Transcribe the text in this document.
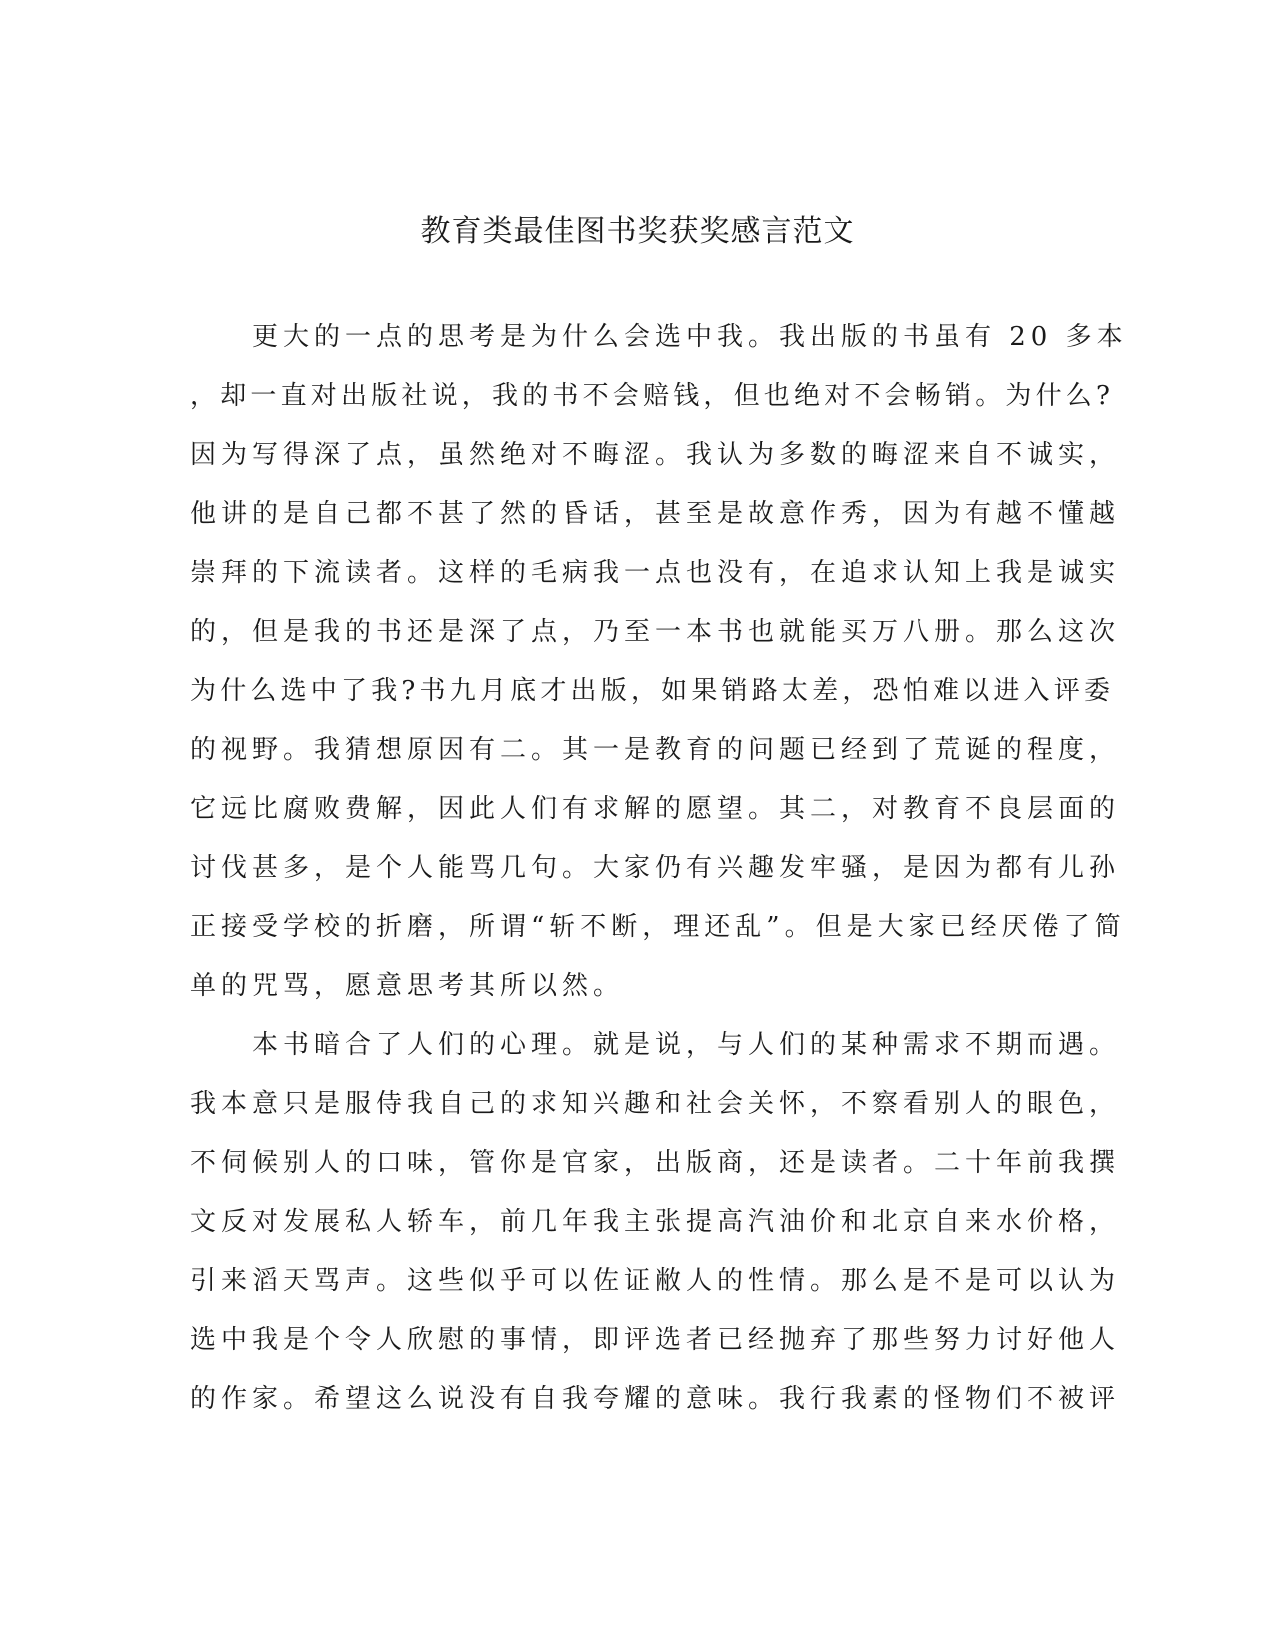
教育类最佳图书奖获奖感言范文
更大的一点的思考是为什么会选中我。我出版的书虽有 20 多本
，却一直对出版社说，我的书不会赔钱，但也绝对不会畅销。为什么?
因为写得深了点，虽然绝对不晦涩。我认为多数的晦涩来自不诚实，
他讲的是自己都不甚了然的昏话，甚至是故意作秀，因为有越不懂越
崇拜的下流读者。这样的毛病我一点也没有，在追求认知上我是诚实
的，但是我的书还是深了点，乃至一本书也就能买万八册。那么这次
为什么选中了我?书九月底才出版，如果销路太差，恐怕难以进入评委
的视野。我猜想原因有二。其一是教育的问题已经到了荒诞的程度，
它远比腐败费解，因此人们有求解的愿望。其二，对教育不良层面的
讨伐甚多，是个人能骂几句。大家仍有兴趣发牢骚，是因为都有儿孙
正接受学校的折磨，所谓“斩不断，理还乱”。但是大家已经厌倦了简
单的咒骂，愿意思考其所以然。
本书暗合了人们的心理。就是说，与人们的某种需求不期而遇。
我本意只是服侍我自己的求知兴趣和社会关怀，不察看别人的眼色，
不伺候别人的口味，管你是官家，出版商，还是读者。二十年前我撰
文反对发展私人轿车，前几年我主张提高汽油价和北京自来水价格，
引来滔天骂声。这些似乎可以佐证敝人的性情。那么是不是可以认为
选中我是个令人欣慰的事情，即评选者已经抛弃了那些努力讨好他人
的作家。希望这么说没有自我夸耀的意味。我行我素的怪物们不被评
